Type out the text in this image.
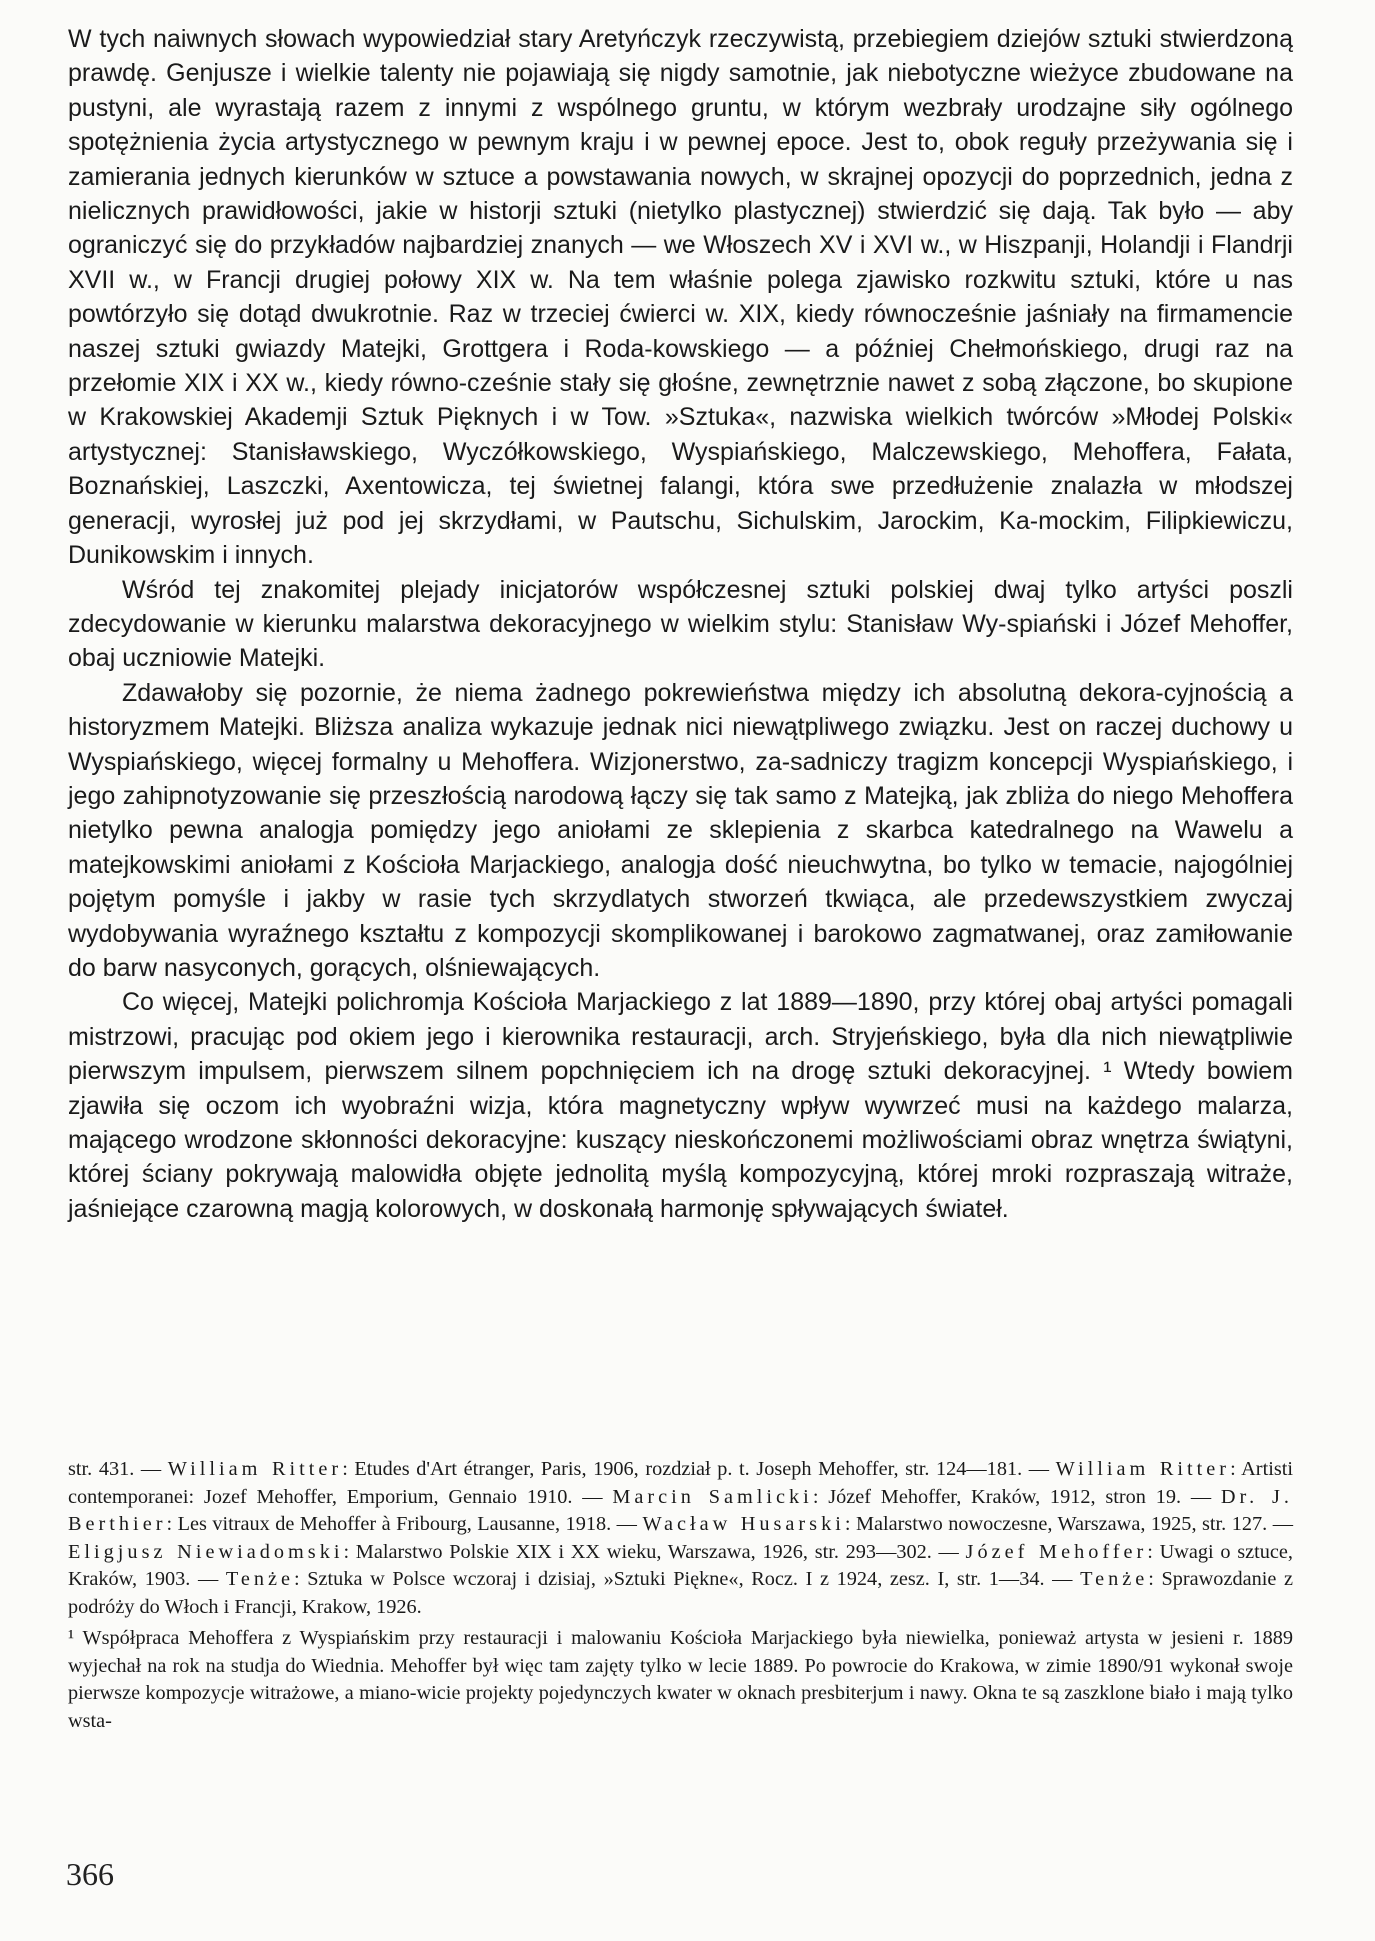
W tych naiwnych słowach wypowiedział stary Aretyńczyk rzeczywistą, przebiegiem dziejów sztuki stwierdzoną prawdę. Genjusze i wielkie talenty nie pojawiają się nigdy samotnie, jak niebotyczne wieżyce zbudowane na pustyni, ale wyrastają razem z innymi z wspólnego gruntu, w którym wezbrały urodzajne siły ogólnego spotężnienia życia artystycznego w pewnym kraju i w pewnej epoce. Jest to, obok reguły przeżywania się i zamierania jednych kierunków w sztuce a powstawania nowych, w skrajnej opozycji do poprzednich, jedna z nielicznych prawidłowości, jakie w historji sztuki (nietylko plastycznej) stwierdzić się dają. Tak było — aby ograniczyć się do przykładów najbardziej znanych — we Włoszech XV i XVI w., w Hiszpanji, Holandji i Flandrji XVII w., w Francji drugiej połowy XIX w. Na tem właśnie polega zjawisko rozkwitu sztuki, które u nas powtórzyło się dotąd dwukrotnie. Raz w trzeciej ćwierci w. XIX, kiedy równocześnie jaśniały na firmamencie naszej sztuki gwiazdy Matejki, Grottgera i Roda-kowskiego — a później Chełmońskiego, drugi raz na przełomie XIX i XX w., kiedy równo-cześnie stały się głośne, zewnętrznie nawet z sobą złączone, bo skupione w Krakowskiej Akademji Sztuk Pięknych i w Tow. »Sztuka«, nazwiska wielkich twórców »Młodej Polski« artystycznej: Stanisławskiego, Wyczółkowskiego, Wyspiańskiego, Malczewskiego, Mehoffera, Fałata, Boznańskiej, Laszczki, Axentowicza, tej świetnej falangi, która swe przedłużenie znalazła w młodszej generacji, wyrosłej już pod jej skrzydłami, w Pautschu, Sichulskim, Jarockim, Ka-mockim, Filipkiewiczu, Dunikowskim i innych.

Wśród tej znakomitej plejady inicjatorów współczesnej sztuki polskiej dwaj tylko artyści poszli zdecydowanie w kierunku malarstwa dekoracyjnego w wielkim stylu: Stanisław Wy-spiański i Józef Mehoffer, obaj uczniowie Matejki.

Zdawałoby się pozornie, że niema żadnego pokrewieństwa między ich absolutną dekora-cyjnością a historyzmem Matejki. Bliższa analiza wykazuje jednak nici niewątpliwego związku. Jest on raczej duchowy u Wyspiańskiego, więcej formalny u Mehoffera. Wizjonerstwo, za-sadniczy tragizm koncepcji Wyspiańskiego, i jego zahipnotyzowanie się przeszłością narodową łączy się tak samo z Matejką, jak zbliża do niego Mehoffera nietylko pewna analogja pomiędzy jego aniołami ze sklepienia z skarbca katedralnego na Wawelu a matejkowskimi aniołami z Kościoła Marjackiego, analogja dość nieuchwytna, bo tylko w temacie, najogólniej pojętym pomyśle i jakby w rasie tych skrzydlatych stworzeń tkwiąca, ale przedewszystkiem zwyczaj wydobywania wyraźnego kształtu z kompozycji skomplikowanej i barokowo zagmatwanej, oraz zamiłowanie do barw nasyconych, gorących, olśniewających.

Co więcej, Matejki polichromja Kościoła Marjackiego z lat 1889—1890, przy której obaj artyści pomagali mistrzowi, pracując pod okiem jego i kierownika restauracji, arch. Stryjeńskiego, była dla nich niewątpliwie pierwszym impulsem, pierwszem silnem popchnięciem ich na drogę sztuki dekoracyjnej. ¹ Wtedy bowiem zjawiła się oczom ich wyobraźni wizja, która magnetyczny wpływ wywrzeć musi na każdego malarza, mającego wrodzone skłonności dekoracyjne: kuszący nieskończonemi możliwościami obraz wnętrza świątyni, której ściany pokrywają malowidła objęte jednolitą myślą kompozycyjną, której mroki rozpraszają witraże, jaśniejące czarowną magją kolorowych, w doskonałą harmonję spływających świateł.

str. 431. — William Ritter: Etudes d'Art étranger, Paris, 1906, rozdział p. t. Joseph Mehoffer, str. 124—181. — William Ritter: Artisti contemporanei: Jozef Mehoffer, Emporium, Gennaio 1910. — Marcin Samlicki: Józef Mehoffer, Kraków, 1912, stron 19. — Dr. J. Berthier: Les vitraux de Mehoffer à Fribourg, Lausanne, 1918. — Wacław Husarski: Malarstwo nowoczesne, Warszawa, 1925, str. 127. — Eligjusz Niewiadomski: Malarstwo Polskie XIX i XX wieku, Warszawa, 1926, str. 293—302. — Józef Mehoffer: Uwagi o sztuce, Kraków, 1903. — Tenże: Sztuka w Polsce wczoraj i dzisiaj, »Sztuki Piękne«, Rocz. I z 1924, zesz. I, str. 1—34. — Tenże: Sprawozdanie z podróży do Włoch i Francji, Krakow, 1926.

¹ Współpraca Mehoffera z Wyspiańskim przy restauracji i malowaniu Kościoła Marjackiego była niewielka, ponieważ artysta w jesieni r. 1889 wyjechał na rok na studja do Wiednia. Mehoffer był więc tam zajęty tylko w lecie 1889. Po powrocie do Krakowa, w zimie 1890/91 wykonał swoje pierwsze kompozycje witrażowe, a miano-wicie projekty pojedynczych kwater w oknach presbiterjum i nawy. Okna te są zaszklone biało i mają tylko wsta-

366
